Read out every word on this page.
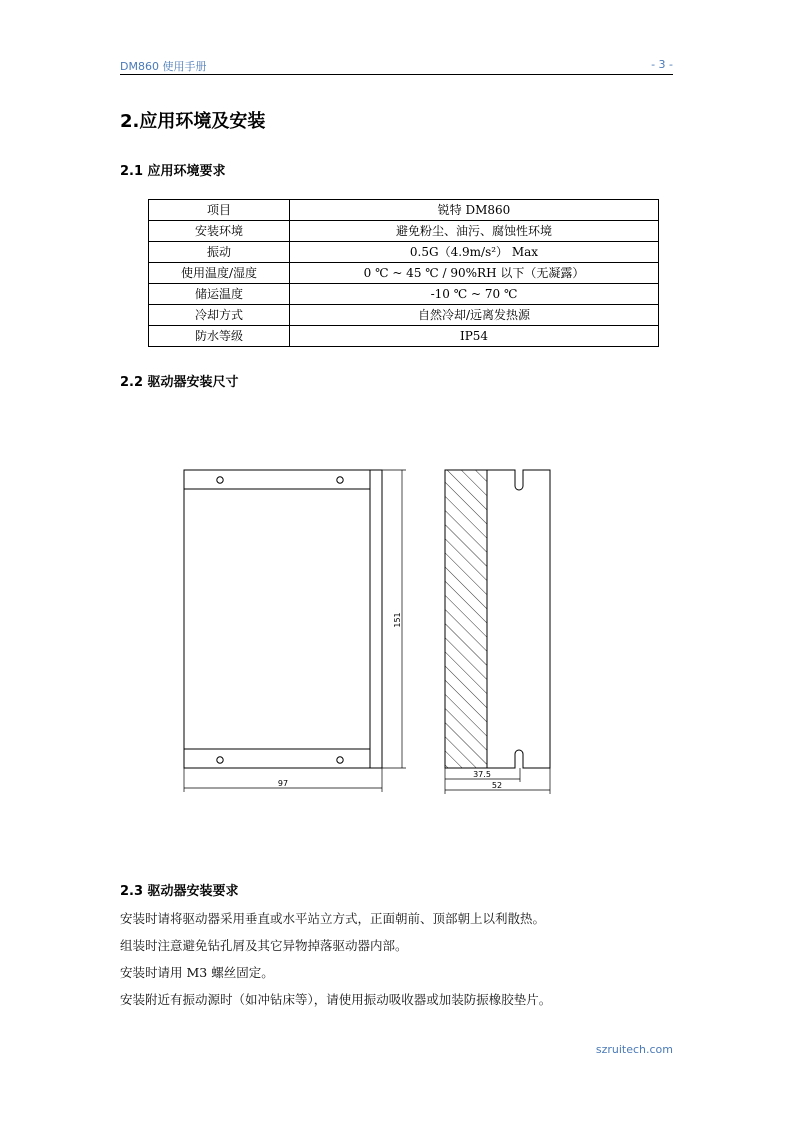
DM860 使用手册	- 3 -
2.应用环境及安装
2.1 应用环境要求
项目	锐特 DM860
安装环境	避免粉尘、油污、腐蚀性环境
振动	0.5G（4.9m/s²） Max
使用温度/湿度	0 ℃ ~ 45 ℃ / 90%RH 以下（无凝露）
储运温度	-10 ℃ ~ 70 ℃
冷却方式	自然冷却/远离发热源
防水等级	IP54
2.2 驱动器安装尺寸
97
151
37.5
52
2.3 驱动器安装要求
安装时请将驱动器采用垂直或水平站立方式，正面朝前、顶部朝上以利散热。
组装时注意避免钻孔屑及其它异物掉落驱动器内部。
安装时请用 M3 螺丝固定。
安装附近有振动源时（如冲钻床等），请使用振动吸收器或加装防振橡胶垫片。
szruitech.com
